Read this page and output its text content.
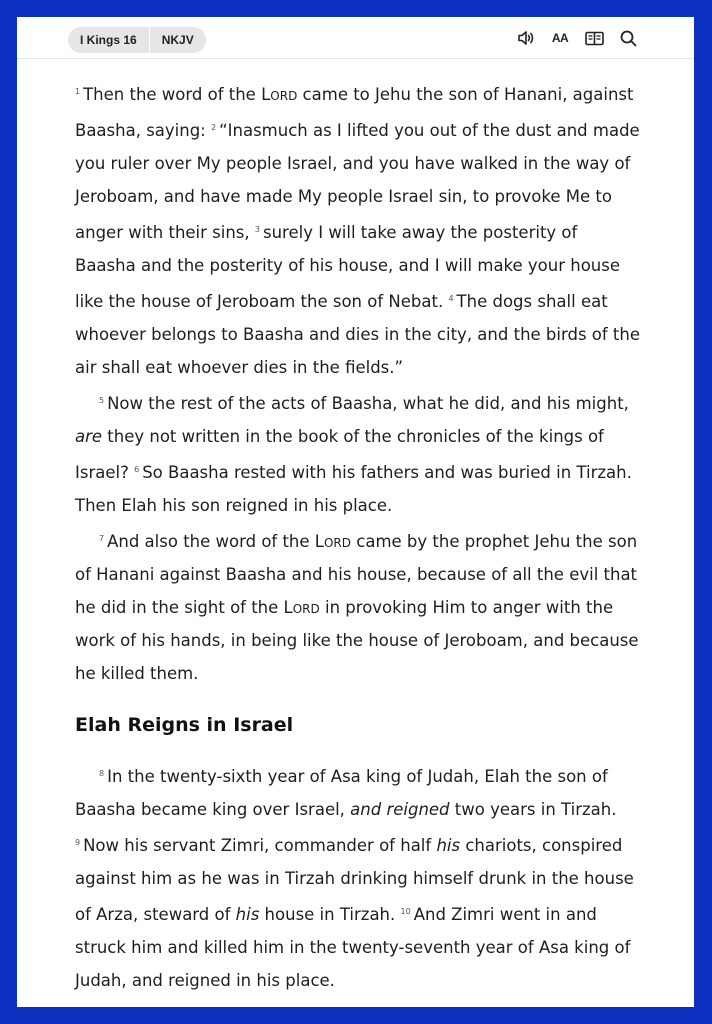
I Kings 16	NKJV	AA

$^1$ Then the word of the Lord came to Jehu the son of Hanani, against Baasha, saying: $^2$ “Inasmuch as I lifted you out of the dust and made you ruler over My people Israel, and you have walked in the way of Jeroboam, and have made My people Israel sin, to provoke Me to anger with their sins, $^3$ surely I will take away the posterity of Baasha and the posterity of his house, and I will make your house like the house of Jeroboam the son of Nebat. $^4$ The dogs shall eat whoever belongs to Baasha and dies in the city, and the birds of the air shall eat whoever dies in the fields.”

$^5$ Now the rest of the acts of Baasha, what he did, and his might, are they not written in the book of the chronicles of the kings of Israel? $^6$ So Baasha rested with his fathers and was buried in Tirzah. Then Elah his son reigned in his place.

$^7$ And also the word of the Lord came by the prophet Jehu the son of Hanani against Baasha and his house, because of all the evil that he did in the sight of the Lord in provoking Him to anger with the work of his hands, in being like the house of Jeroboam, and because he killed them.

Elah Reigns in Israel

$^8$ In the twenty-sixth year of Asa king of Judah, Elah the son of Baasha became king over Israel, and reigned two years in Tirzah. $^9$ Now his servant Zimri, commander of half his chariots, conspired against him as he was in Tirzah drinking himself drunk in the house of Arza, steward of his house in Tirzah. $^{10}$ And Zimri went in and struck him and killed him in the twenty-seventh year of Asa king of Judah, and reigned in his place.
